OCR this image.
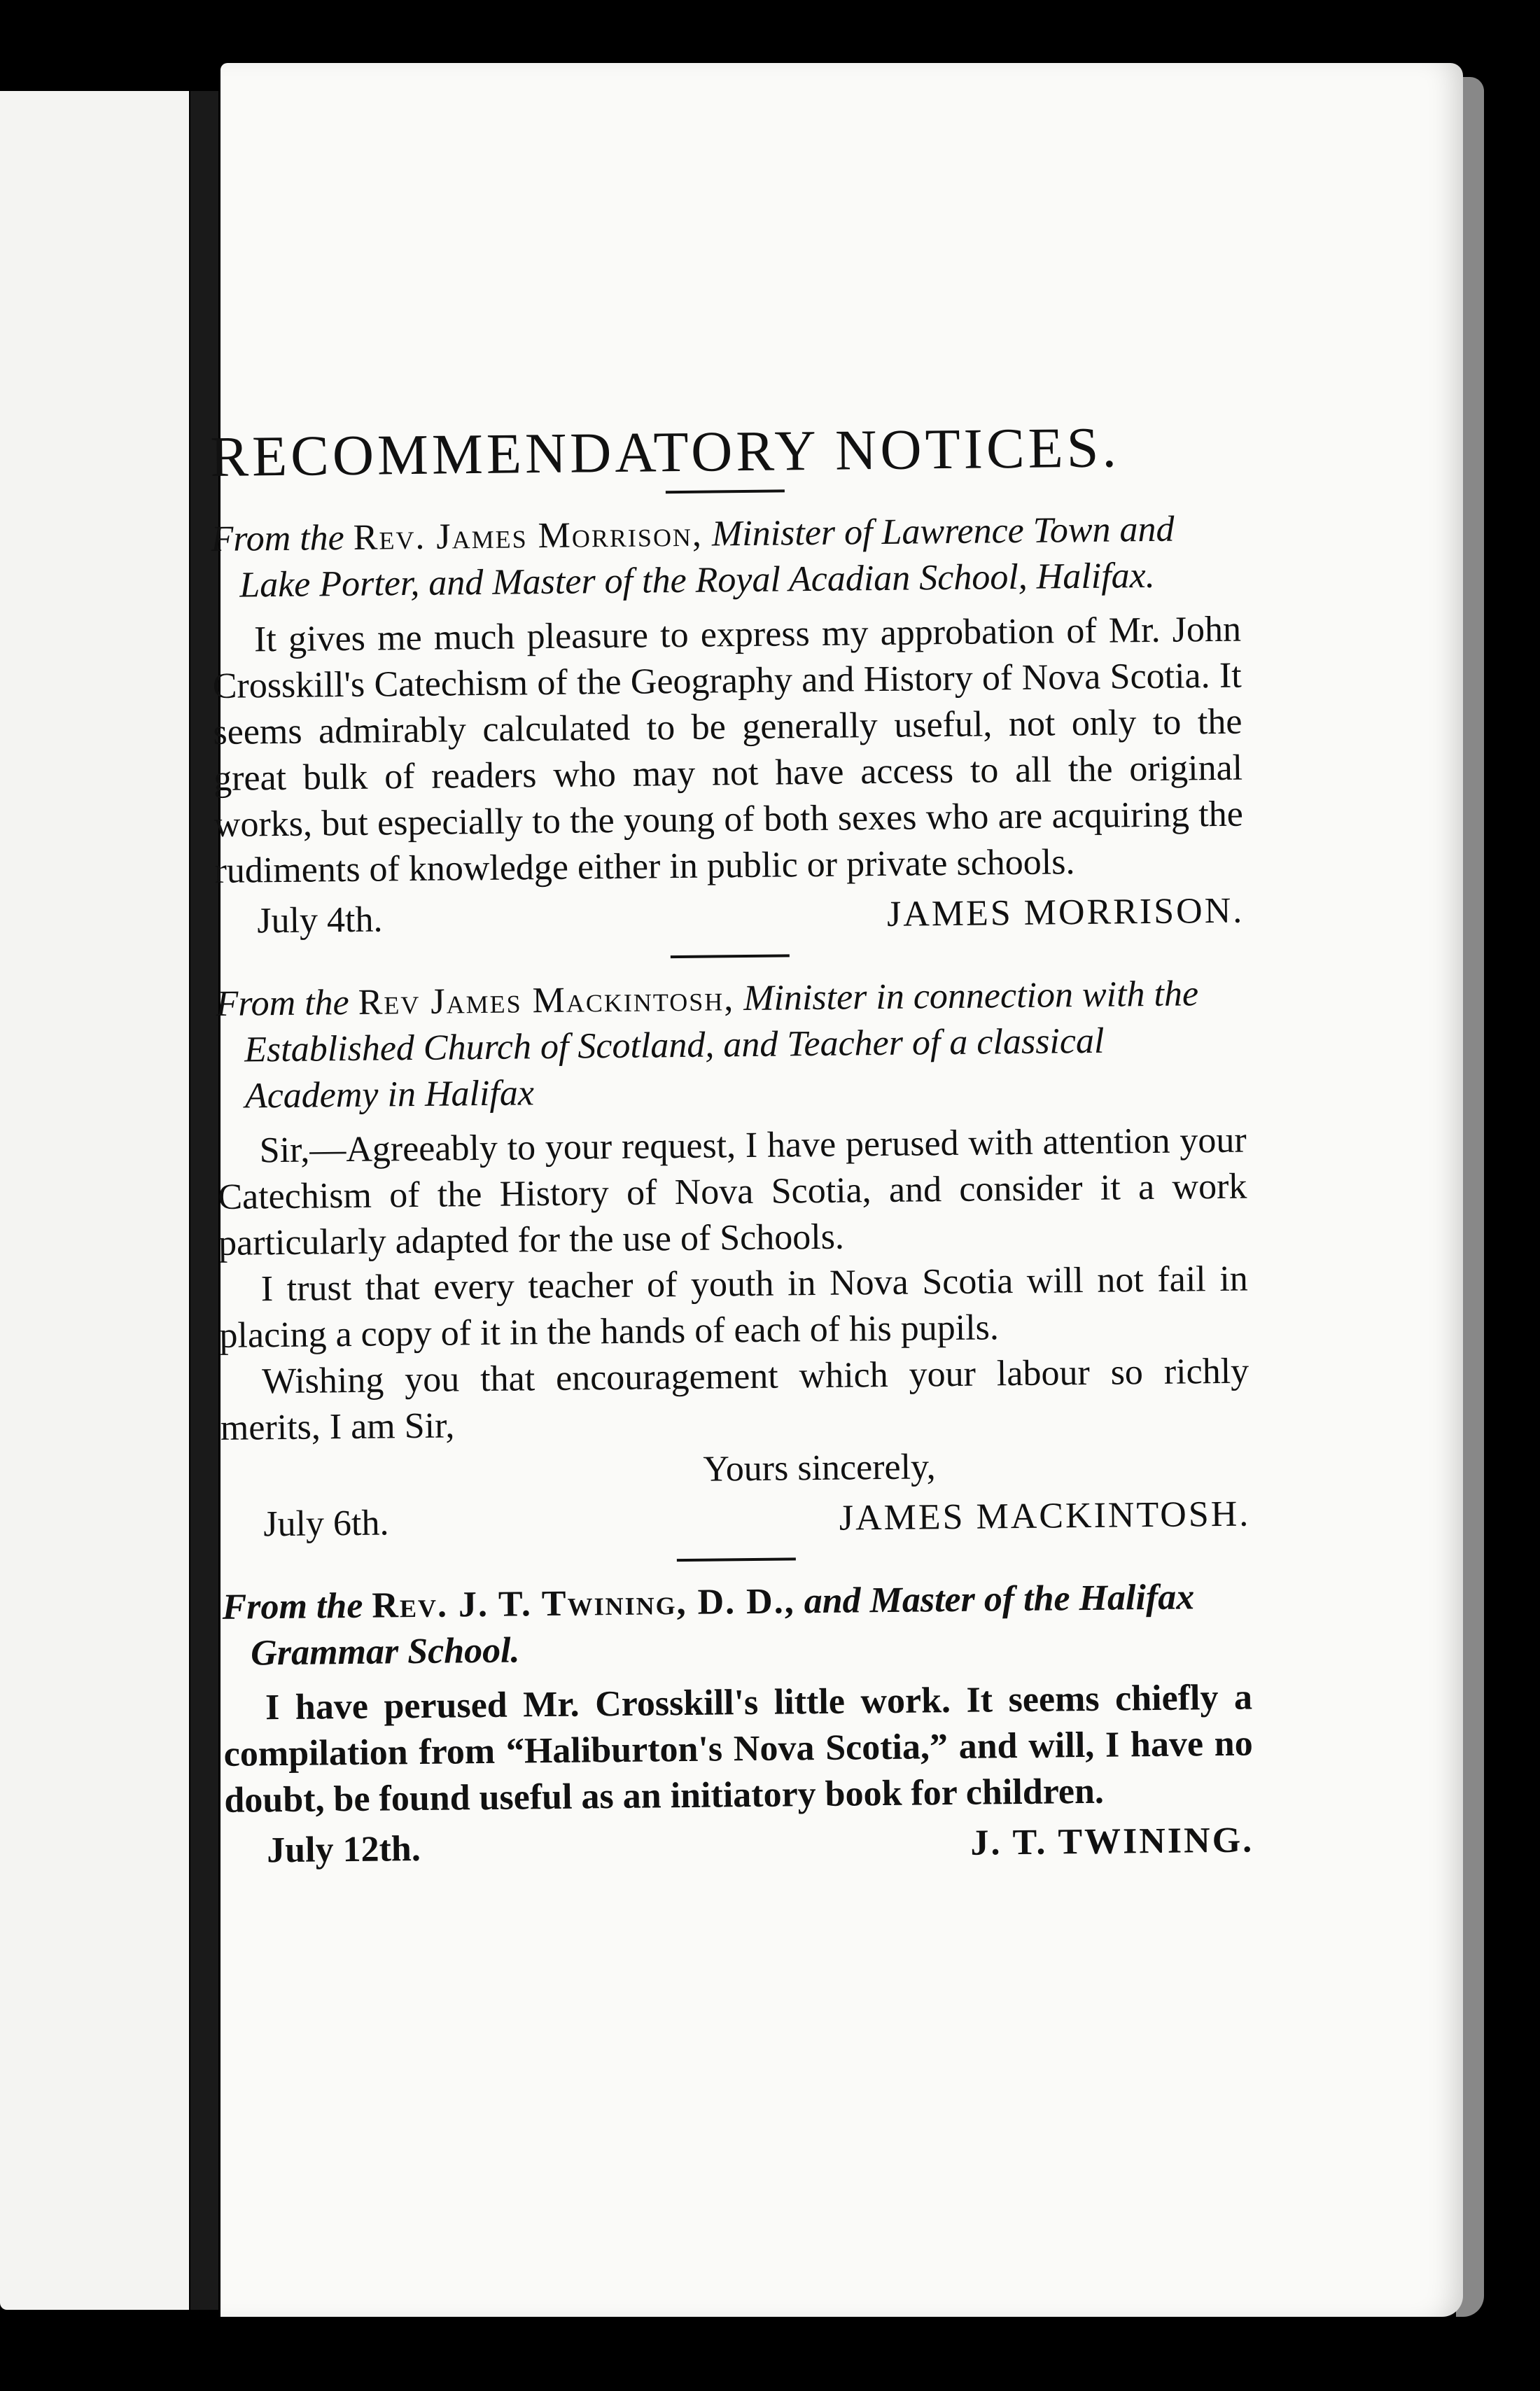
RECOMMENDATORY NOTICES.

From the Rev. James Morrison, Minister of Lawrence Town and Lake Porter, and Master of the Royal Acadian School, Halifax.

It gives me much pleasure to express my approbation of Mr. John Crosskill's Catechism of the Geography and History of Nova Scotia. It seems admirably calculated to be generally useful, not only to the great bulk of readers who may not have access to all the original works, but especially to the young of both sexes who are acquiring the rudiments of knowledge either in public or private schools.

July 4th.	JAMES MORRISON.

From the Rev James Mackintosh, Minister in connection with the Established Church of Scotland, and Teacher of a classical Academy in Halifax

Sir,—Agreeably to your request, I have perused with attention your Catechism of the History of Nova Scotia, and consider it a work particularly adapted for the use of Schools.

I trust that every teacher of youth in Nova Scotia will not fail in placing a copy of it in the hands of each of his pupils.

Wishing you that encouragement which your labour so richly merits, I am Sir,

Yours sincerely,

July 6th.	JAMES MACKINTOSH.

From the Rev. J. T. Twining, D. D., and Master of the Halifax Grammar School.

I have perused Mr. Crosskill's little work. It seems chiefly a compilation from “Haliburton's Nova Scotia,” and will, I have no doubt, be found useful as an initiatory book for children.

July 12th.	J. T. TWINING.
